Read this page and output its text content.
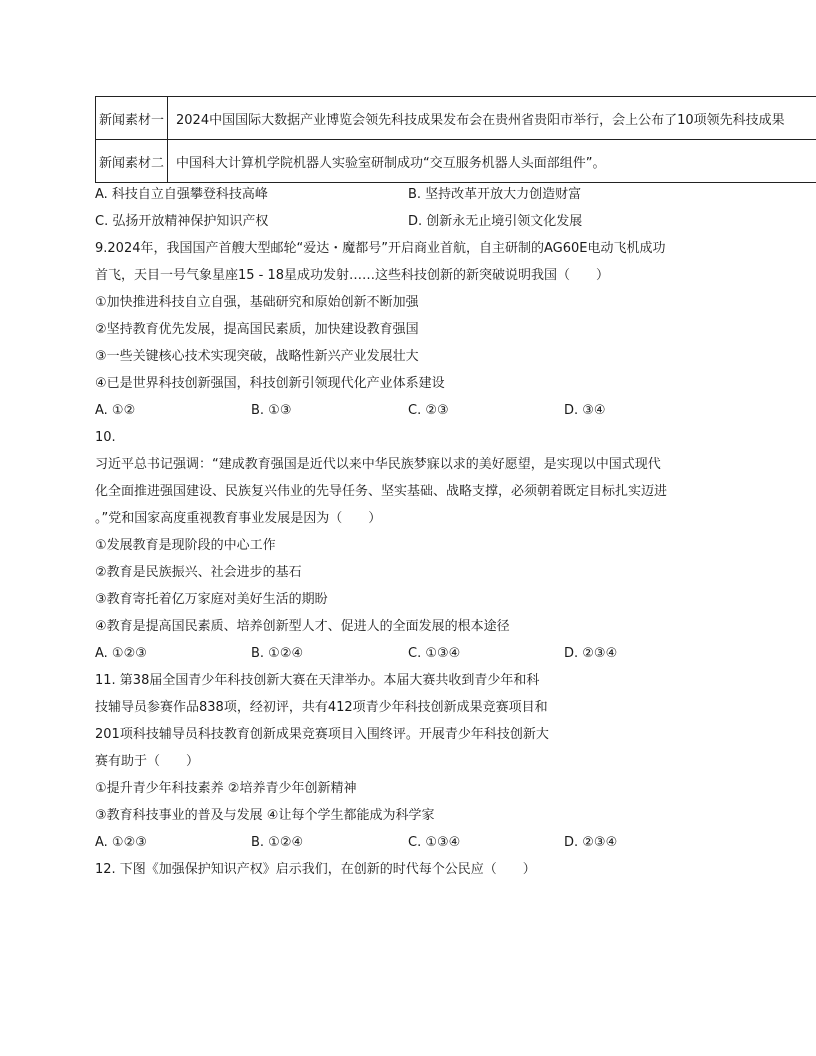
新闻素材一	2024中国国际大数据产业博览会领先科技成果发布会在贵州省贵阳市举行，会上公布了10项领先科技成果
新闻素材二	中国科大计算机学院机器人实验室研制成功“交互服务机器人头面部组件”。
A. 科技自立自强攀登科技高峰	B. 坚持改革开放大力创造财富
C. 弘扬开放精神保护知识产权	D. 创新永无止境引领文化发展
9.2024年，我国国产首艘大型邮轮“爱达・魔都号”开启商业首航，自主研制的AG60E电动飞机成功
首飞，天目一号气象星座15 - 18星成功发射……这些科技创新的新突破说明我国（　　）
①加快推进科技自立自强，基础研究和原始创新不断加强
②坚持教育优先发展，提高国民素质，加快建设教育强国
③一些关键核心技术实现突破，战略性新兴产业发展壮大
④已是世界科技创新强国，科技创新引领现代化产业体系建设
A. ①②	B. ①③	C. ②③	D. ③④
10.
习近平总书记强调：“建成教育强国是近代以来中华民族梦寐以求的美好愿望，是实现以中国式现代
化全面推进强国建设、民族复兴伟业的先导任务、坚实基础、战略支撑，必须朝着既定目标扎实迈进
。”党和国家高度重视教育事业发展是因为（　　）
①发展教育是现阶段的中心工作
②教育是民族振兴、社会进步的基石
③教育寄托着亿万家庭对美好生活的期盼
④教育是提高国民素质、培养创新型人才、促进人的全面发展的根本途径
A. ①②③	B. ①②④	C. ①③④	D. ②③④
11. 第38届全国青少年科技创新大赛在天津举办。本届大赛共收到青少年和科
技辅导员参赛作品838项，经初评，共有412项青少年科技创新成果竞赛项目和
201项科技辅导员科技教育创新成果竞赛项目入围终评。开展青少年科技创新大
赛有助于（　　）
①提升青少年科技素养 ②培养青少年创新精神
③教育科技事业的普及与发展 ④让每个学生都能成为科学家
A. ①②③	B. ①②④	C. ①③④	D. ②③④
12. 下图《加强保护知识产权》启示我们，在创新的时代每个公民应（　　）
